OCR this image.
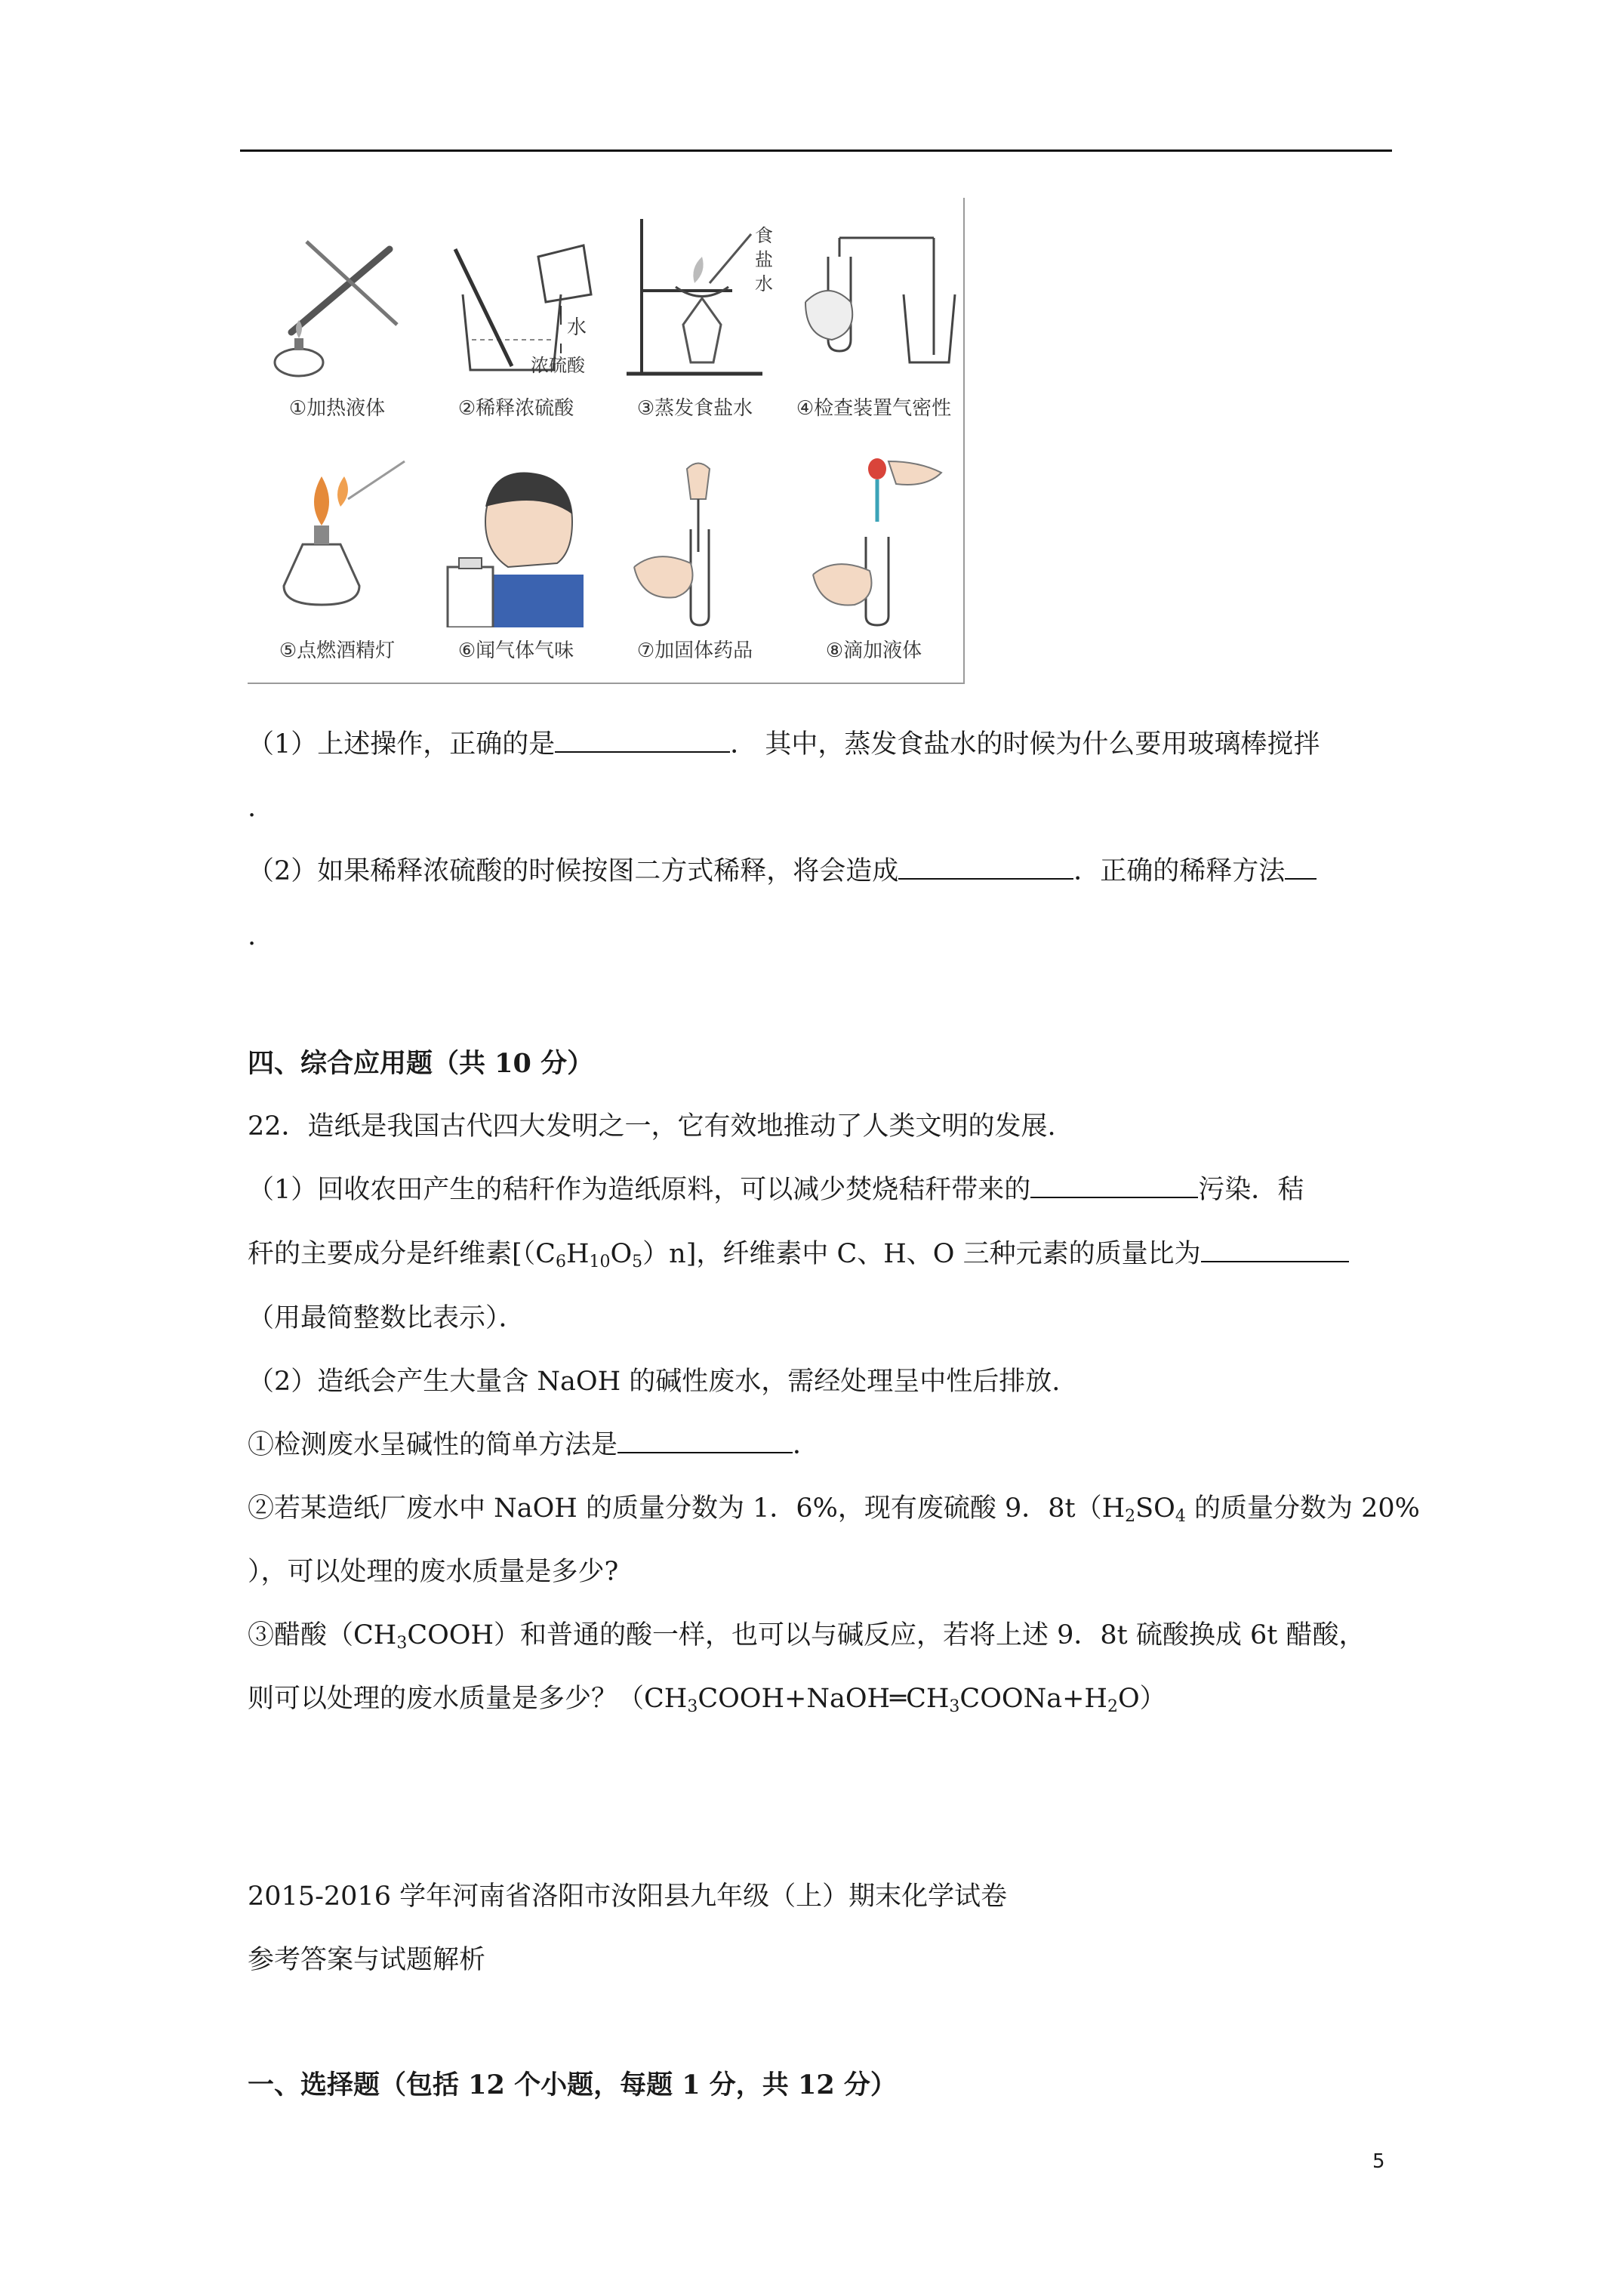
①加热液体
水
浓硫酸
②稀释浓硫酸
食
盐
水
③蒸发食盐水	④检查装置气密性
⑤点燃酒精灯	⑥闻气体气味	⑦加固体药品	⑧滴加液体
（1）上述操作，正确的是	． 其中，蒸发食盐水的时候为什么要用玻璃棒搅拌
.
（2）如果稀释浓硫酸的时候按图二方式稀释，将会造成	．正确的稀释方法
.
四、综合应用题（共 10 分）
22．造纸是我国古代四大发明之一，它有效地推动了人类文明的发展.
（1）回收农田产生的秸秆作为造纸原料，可以减少焚烧秸秆带来的	污染．秸
秆的主要成分是纤维素$[(C_6H_{10}O_5)n]$，纤维素中 C、H、O 三种元素的质量比为
（用最简整数比表示）．
（2）造纸会产生大量含 NaOH 的碱性废水，需经处理呈中性后排放.
①检测废水呈碱性的简单方法是	．
②若某造纸厂废水中 NaOH 的质量分数为 1．6%，现有废硫酸 9．$8t(H_2SO_4$ 的质量分数为 20%
），可以处理的废水质量是多少?
③醋酸$(CH_3COOH)$和普通的酸一样，也可以与碱反应，若将上述 9．8t 硫酸换成 6t 醋酸，
则可以处理的废水质量是多少？$(CH_3COOH+NaOH═CH_3COONa+H_2O)$
2015-2016 学年河南省洛阳市汝阳县九年级（上）期末化学试卷
参考答案与试题解析
一、选择题（包括 12 个小题，每题 1 分，共 12 分）
5
